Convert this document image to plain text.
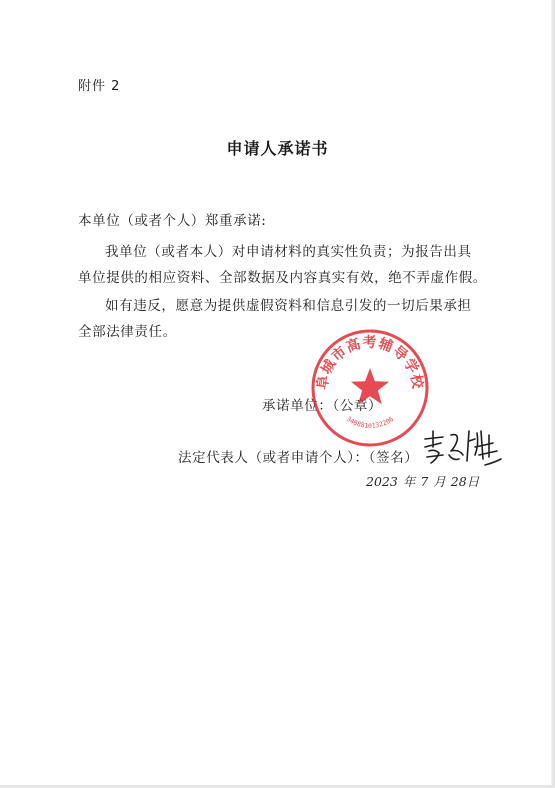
附件 2
申请人承诺书
本单位（或者个人）郑重承诺:
我单位（或者本人）对申请材料的真实性负责；为报告出具
单位提供的相应资料、全部数据及内容真实有效，绝不弄虚作假。
如有违反，愿意为提供虚假资料和信息引发的一切后果承担
全部法律责任。
承诺单位：（公章）
法定代表人（或者申请个人）：（签名）
阜城市高考辅导学校
3408810132206
2023 年 7 月 28日
